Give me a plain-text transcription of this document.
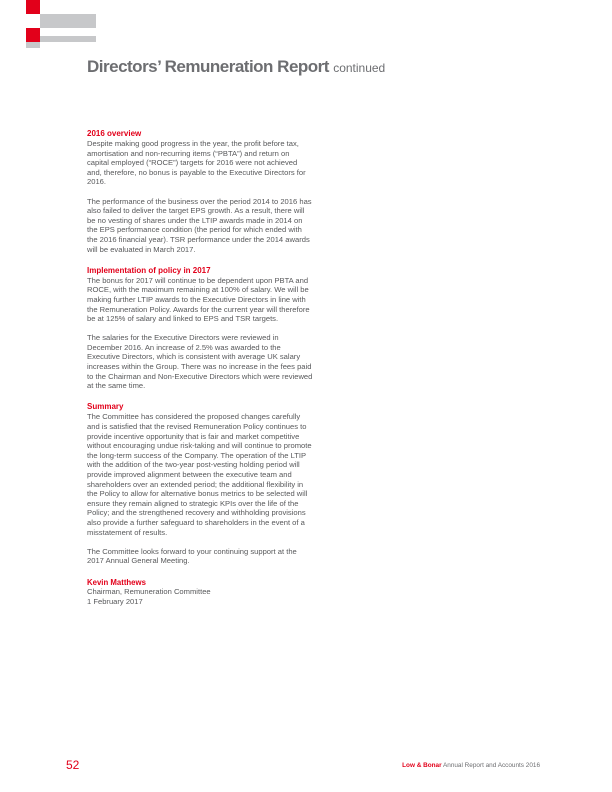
Directors’ Remuneration Report continued
2016 overview

Despite making good progress in the year, the profit before tax, amortisation and non-recurring items (“PBTA”) and return on capital employed (“ROCE”) targets for 2016 were not achieved and, therefore, no bonus is payable to the Executive Directors for 2016.

The performance of the business over the period 2014 to 2016 has also failed to deliver the target EPS growth. As a result, there will be no vesting of shares under the LTIP awards made in 2014 on the EPS performance condition (the period for which ended with the 2016 financial year). TSR performance under the 2014 awards will be evaluated in March 2017.

Implementation of policy in 2017

The bonus for 2017 will continue to be dependent upon PBTA and ROCE, with the maximum remaining at 100% of salary. We will be making further LTIP awards to the Executive Directors in line with the Remuneration Policy. Awards for the current year will therefore be at 125% of salary and linked to EPS and TSR targets.

The salaries for the Executive Directors were reviewed in December 2016. An increase of 2.5% was awarded to the Executive Directors, which is consistent with average UK salary increases within the Group. There was no increase in the fees paid to the Chairman and Non-Executive Directors which were reviewed at the same time.

Summary

The Committee has considered the proposed changes carefully and is satisfied that the revised Remuneration Policy continues to provide incentive opportunity that is fair and market competitive without encouraging undue risk-taking and will continue to promote the long-term success of the Company. The operation of the LTIP with the addition of the two-year post-vesting holding period will provide improved alignment between the executive team and shareholders over an extended period; the additional flexibility in the Policy to allow for alternative bonus metrics to be selected will ensure they remain aligned to strategic KPIs over the life of the Policy; and the strengthened recovery and withholding provisions also provide a further safeguard to shareholders in the event of a misstatement of results.

The Committee looks forward to your continuing support at the 2017 Annual General Meeting.

Kevin Matthews
Chairman, Remuneration Committee
1 February 2017
52	Low & Bonar Annual Report and Accounts 2016
